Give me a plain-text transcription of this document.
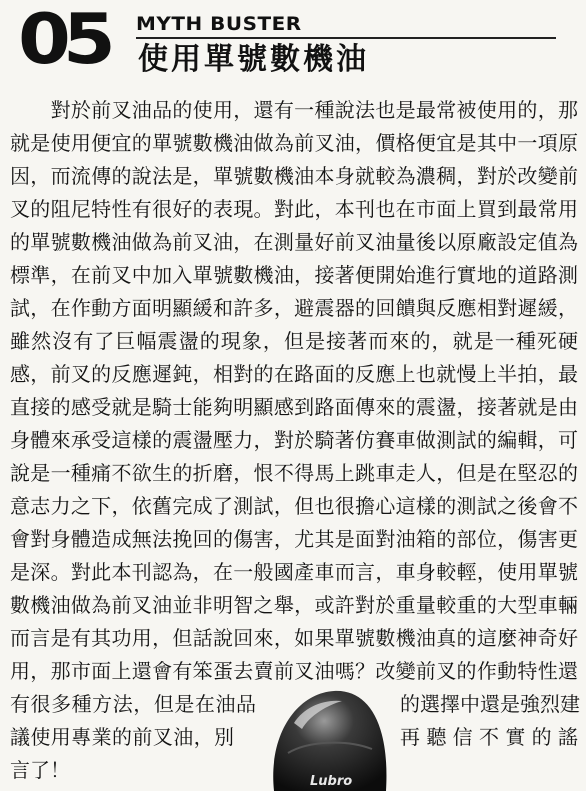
05 MYTH BUSTER
使用單號數機油
　　對於前叉油品的使用，還有一種說法也是最常被使用的，那
就是使用便宜的單號數機油做為前叉油，價格便宜是其中一項原
因，而流傳的說法是，單號數機油本身就較為濃稠，對於改變前
叉的阻尼特性有很好的表現。對此，本刊也在市面上買到最常用
的單號數機油做為前叉油，在測量好前叉油量後以原廠設定值為
標準，在前叉中加入單號數機油，接著便開始進行實地的道路測
試，在作動方面明顯緩和許多，避震器的回饋與反應相對遲緩，
雖然沒有了巨幅震盪的現象，但是接著而來的，就是一種死硬
感，前叉的反應遲鈍，相對的在路面的反應上也就慢上半拍，最
直接的感受就是騎士能夠明顯感到路面傳來的震盪，接著就是由
身體來承受這樣的震盪壓力，對於騎著仿賽車做測試的編輯，可
說是一種痛不欲生的折磨，恨不得馬上跳車走人，但是在堅忍的
意志力之下，依舊完成了測試，但也很擔心這樣的測試之後會不
會對身體造成無法挽回的傷害，尤其是面對油箱的部位，傷害更
是深。對此本刊認為，在一般國產車而言，車身較輕，使用單號
數機油做為前叉油並非明智之舉，或許對於重量較重的大型車輛
而言是有其功用，但話說回來，如果單號數機油真的這麼神奇好
用，那市面上還會有笨蛋去賣前叉油嗎？改變前叉的作動特性還
有很多種方法，但是在油品	的選擇中還是強烈建
議使用專業的前叉油，別	再聽信不實的謠
言了！	Lubro
